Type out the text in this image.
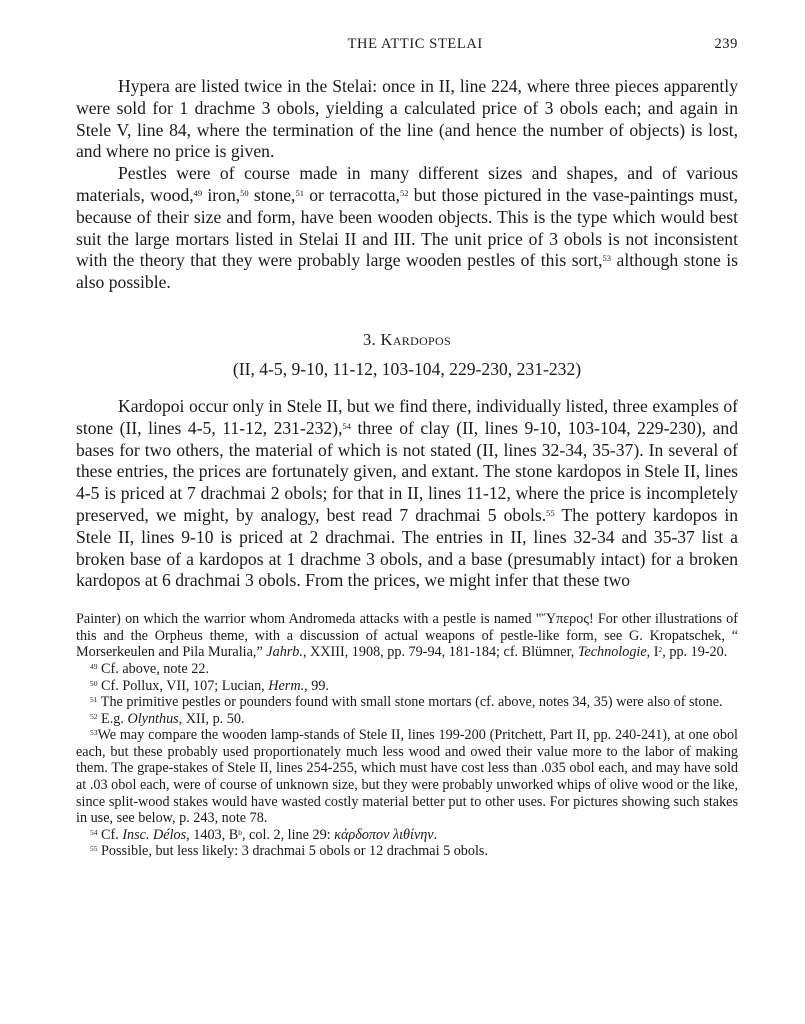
THE ATTIC STELAI	239

Hypera are listed twice in the Stelai: once in II, line 224, where three pieces apparently were sold for 1 drachme 3 obols, yielding a calculated price of 3 obols each; and again in Stele V, line 84, where the termination of the line (and hence the number of objects) is lost, and where no price is given.

Pestles were of course made in many different sizes and shapes, and of various materials, wood,$^{49}$ iron,$^{50}$ stone,$^{51}$ or terracotta,$^{52}$ but those pictured in the vase-paintings must, because of their size and form, have been wooden objects. This is the type which would best suit the large mortars listed in Stelai II and III. The unit price of 3 obols is not inconsistent with the theory that they were probably large wooden pestles of this sort,$^{53}$ although stone is also possible.

3. Kardopos
(II, 4-5, 9-10, 11-12, 103-104, 229-230, 231-232)

Kardopoi occur only in Stele II, but we find there, individually listed, three examples of stone (II, lines 4-5, 11-12, 231-232),$^{54}$ three of clay (II, lines 9-10, 103-104, 229-230), and bases for two others, the material of which is not stated (II, lines 32-34, 35-37). In several of these entries, the prices are fortunately given, and extant. The stone kardopos in Stele II, lines 4-5 is priced at 7 drachmai 2 obols; for that in II, lines 11-12, where the price is incompletely preserved, we might, by analogy, best read 7 drachmai 5 obols.$^{55}$ The pottery kardopos in Stele II, lines 9-10 is priced at 2 drachmai. The entries in II, lines 32-34 and 35-37 list a broken base of a kardopos at 1 drachme 3 obols, and a base (presumably intact) for a broken kardopos at 6 drachmai 3 obols. From the prices, we might infer that these two

Painter) on which the warrior whom Andromeda attacks with a pestle is named "Ὕπερος! For other illustrations of this and the Orpheus theme, with a discussion of actual weapons of pestle-like form, see G. Kropatschek, “ Morserkeulen and Pila Muralia,” Jahrb., XXIII, 1908, pp. 79-94, 181-184; cf. Blümner, Technologie, $I^2$, pp. 19-20.

$^{49}$ Cf. above, note 22.

$^{50}$ Cf. Pollux, VII, 107; Lucian, Herm., 99.

$^{51}$ The primitive pestles or pounders found with small stone mortars (cf. above, notes 34, 35) were also of stone.

$^{52}$ E.g. Olynthus, XII, p. 50.

$^{53}$We may compare the wooden lamp-stands of Stele II, lines 199-200 (Pritchett, Part II, pp. 240-241), at one obol each, but these probably used proportionately much less wood and owed their value more to the labor of making them. The grape-stakes of Stele II, lines 254-255, which must have cost less than .035 obol each, and may have sold at .03 obol each, were of course of unknown size, but they were probably unworked whips of olive wood or the like, since split-wood stakes would have wasted costly material better put to other uses. For pictures showing such stakes in use, see below, p. 243, note 78.

$^{54}$ Cf. Insc. Délos, 1403, $B^b$, col. 2, line 29: κάρδοπον λιθίνην.

$^{55}$ Possible, but less likely: 3 drachmai 5 obols or 12 drachmai 5 obols.
